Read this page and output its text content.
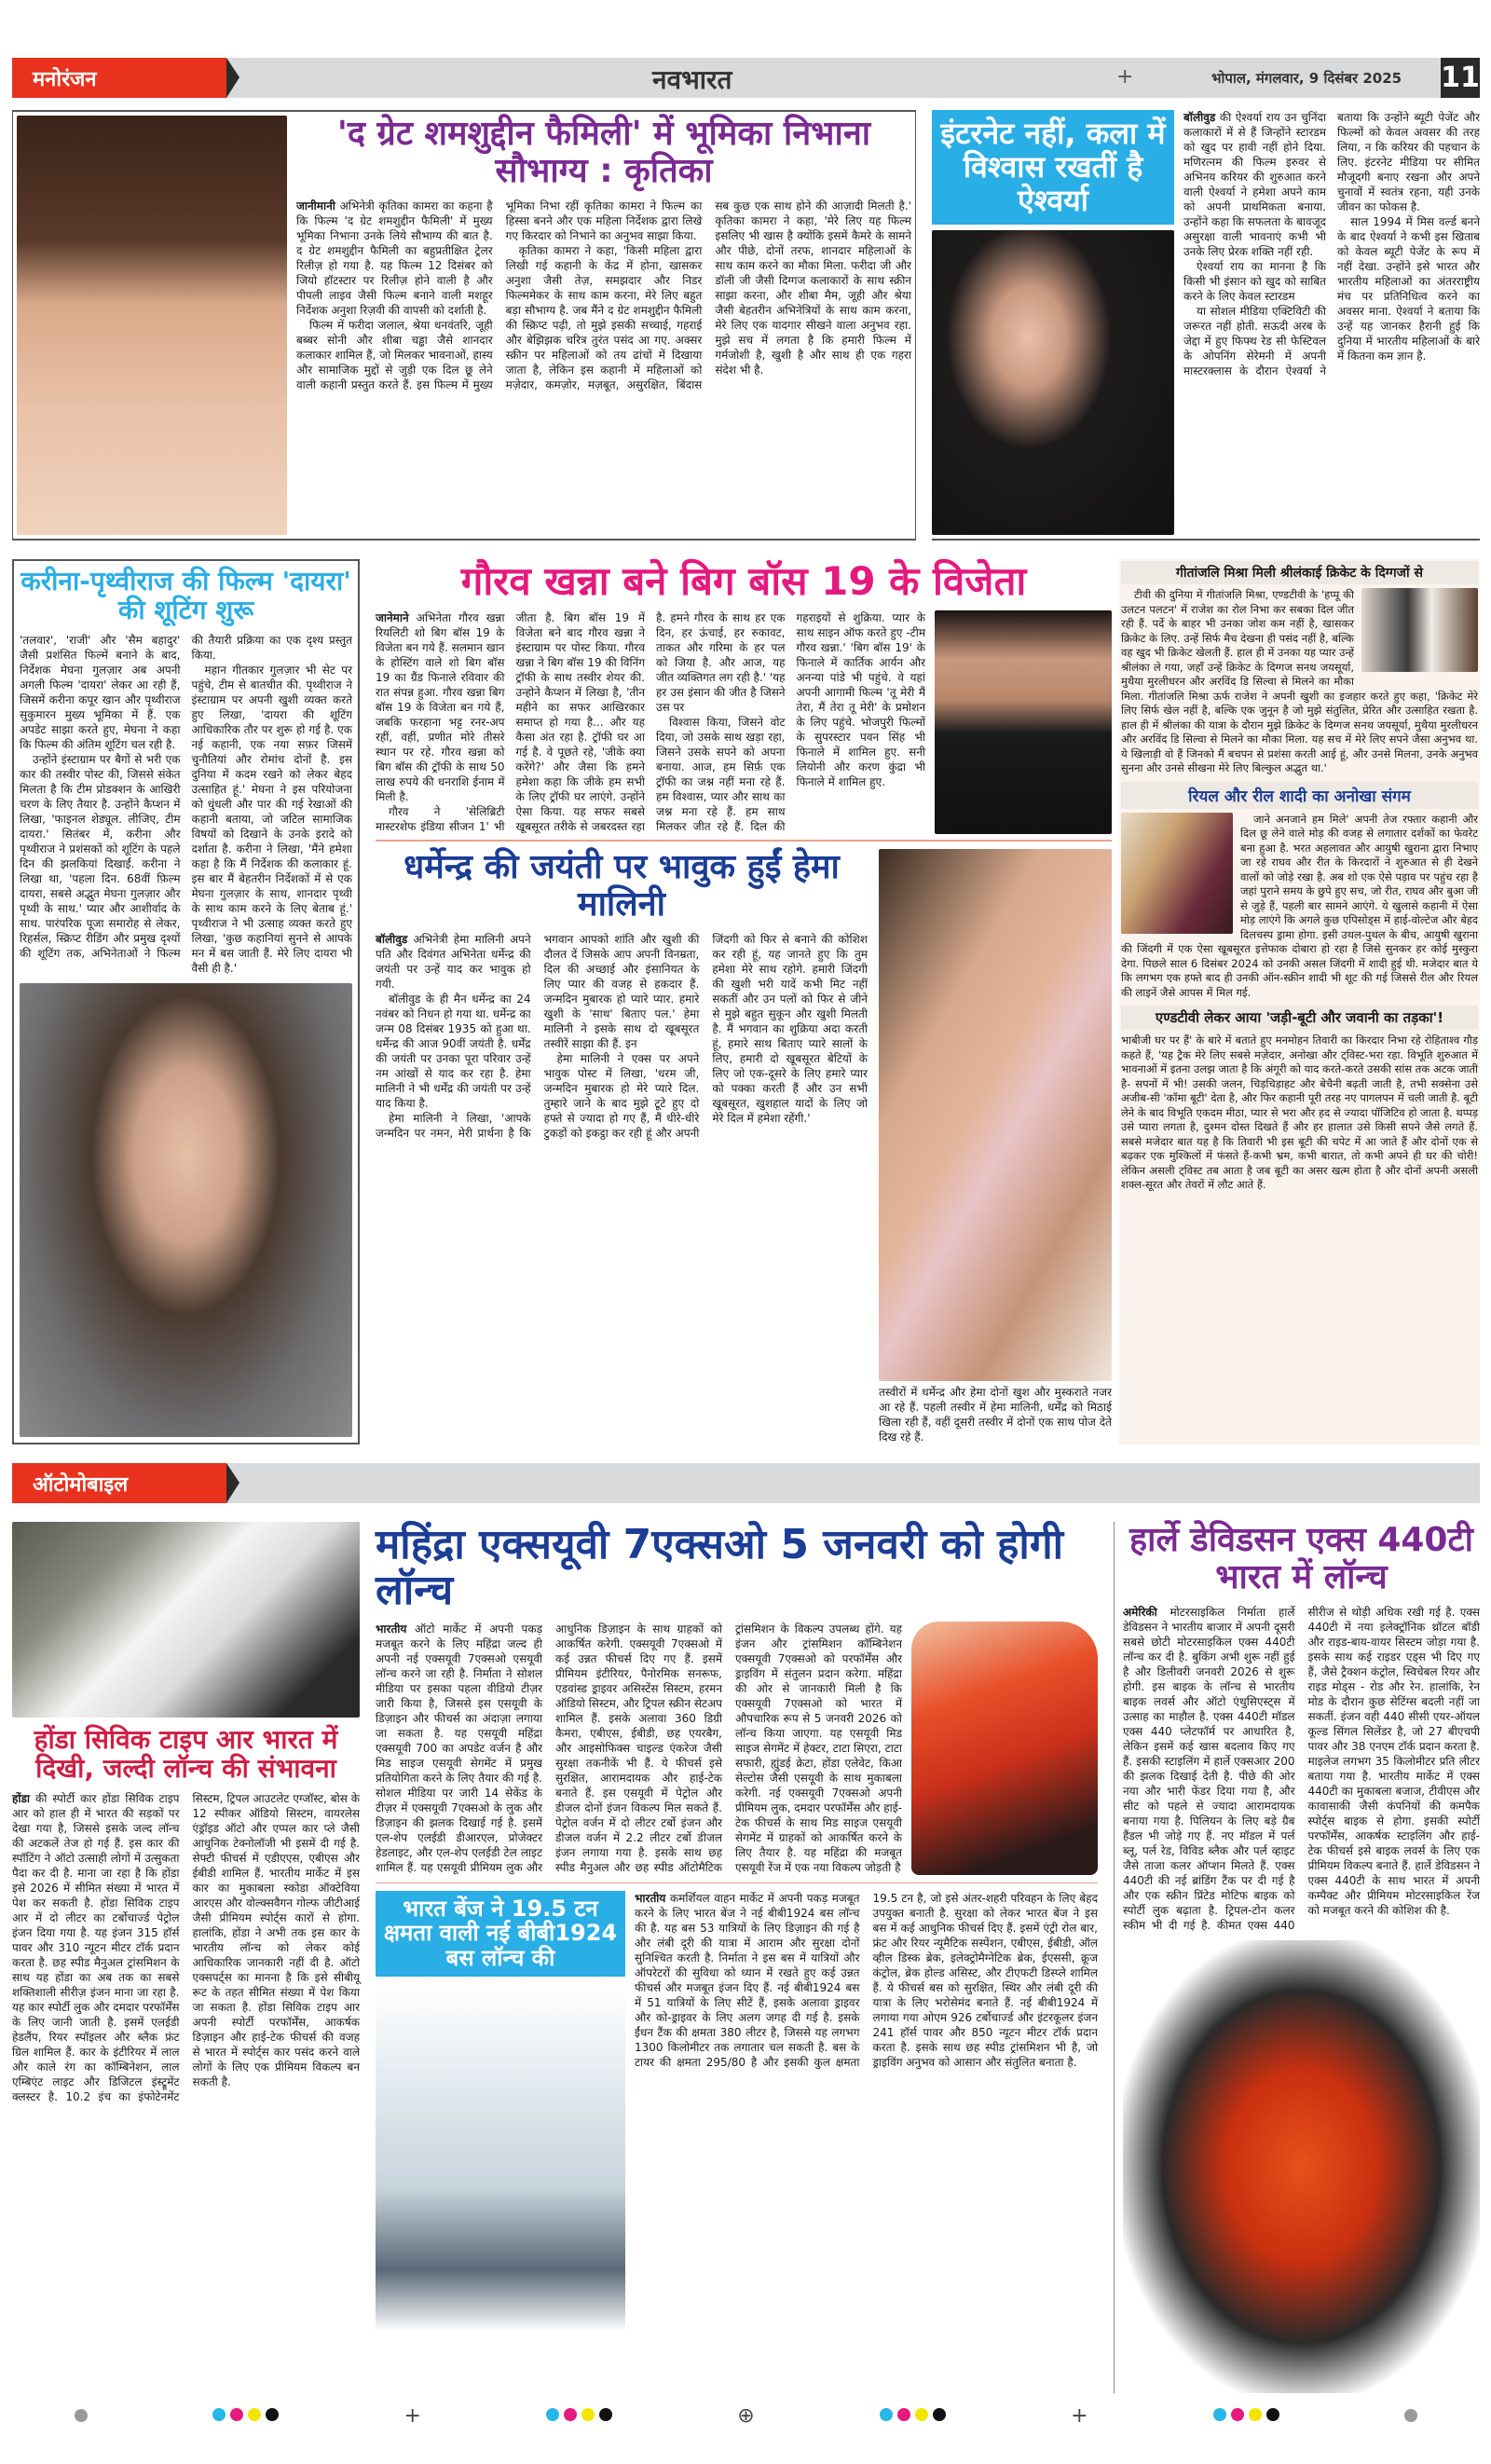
मनोरंजन	नवभारत	+	भोपाल, मंगलवार, 9 दिसंबर 2025 11
'द ग्रेट शमशुद्दीन फैमिली' में भूमिका निभाना सौभाग्य : कृतिका

जानीमानी अभिनेत्री कृतिका कामरा का कहना है कि फिल्म 'द ग्रेट शमशुद्दीन फैमिली' में मुख्य भूमिका निभाना उनके लिये सौभाग्य की बात है. द ग्रेट शमशुद्दीन फैमिली का बहुप्रतीक्षित ट्रेलर रिलीज़ हो गया है. यह फिल्म 12 दिसंबर को जियो हॉटस्टार पर रिलीज़ होने वाली है और पीपली लाइव जैसी फिल्म बनाने वाली मशहूर निर्देशक अनुशा रिज़वी की वापसी को दर्शाती है.

फिल्म में फरीदा जलाल, श्रेया धनवंतरि, जूही बब्बर सोनी और शीबा चड्ढा जैसे शानदार कलाकार शामिल हैं, जो मिलकर भावनाओं, हास्य और सामाजिक मुद्दों से जुड़ी एक दिल छू लेने वाली कहानी प्रस्तुत करते हैं. इस फिल्म में मुख्य भूमिका निभा रहीं कृतिका कामरा ने फिल्म का हिस्सा बनने और एक महिला निर्देशक द्वारा लिखे गए किरदार को निभाने का अनुभव साझा किया.

कृतिका कामरा ने कहा, 'किसी महिला द्वारा लिखी गई कहानी के केंद्र में होना, खासकर अनुशा जैसी तेज़, समझदार और निडर फिल्ममेकर के साथ काम करना, मेरे लिए बहुत बड़ा सौभाग्य है. जब मैंने द ग्रेट शमशुद्दीन फैमिली की स्क्रिप्ट पढ़ी, तो मुझे इसकी सच्चाई, गहराई और बेझिझक चरित्र तुरंत पसंद आ गए. अक्सर स्क्रीन पर महिलाओं को तय ढांचों में दिखाया जाता है, लेकिन इस कहानी में महिलाओं को मज़ेदार, कमज़ोर, मज़बूत, असुरक्षित, बिंदास सब कुछ एक साथ होने की आज़ादी मिलती है.' कृतिका कामरा ने कहा, 'मेरे लिए यह फिल्म इसलिए भी खास है क्योंकि इसमें कैमरे के सामने और पीछे, दोनों तरफ, शानदार महिलाओं के साथ काम करने का मौका मिला. फरीदा जी और डॉली जी जैसी दिग्गज कलाकारों के साथ स्क्रीन साझा करना, और शीबा मैम, जूही और श्रेया जैसी बेहतरीन अभिनेत्रियों के साथ काम करना, मेरे लिए एक यादगार सीखने वाला अनुभव रहा. मुझे सच में लगता है कि हमारी फिल्म में गर्मजोशी है, खुशी है और साथ ही एक गहरा संदेश भी है.

इंटरनेट नहीं, कला में विश्वास रखतीं है ऐश्वर्या

बॉलीवुड की ऐश्वर्या राय उन चुनिंदा कलाकारों में से हैं जिन्होंने स्टारडम को खुद पर हावी नहीं होने दिया. मणिरत्नम की फिल्म इरुवर से अभिनय करियर की शुरुआत करने वाली ऐश्वर्या ने हमेशा अपने काम को अपनी प्राथमिकता बनाया. उन्होंने कहा कि सफलता के बावजूद असुरक्षा वाली भावनाएं कभी भी उनके लिए प्रेरक शक्ति नहीं रही.

ऐश्वर्या राय का मानना है कि किसी भी इंसान को खुद को साबित करने के लिए केवल स्टारडम

या सोशल मीडिया एक्टिविटी की जरूरत नहीं होती. सऊदी अरब के जेद्दा में हुए फिफ्थ रेड सी फेस्टिवल के ओपनिंग सेरेमनी में अपनी मास्टरक्लास के दौरान ऐश्वर्या ने बताया कि उन्होंने ब्यूटी पेजेंट और फिल्मों को केवल अवसर की तरह लिया, न कि करियर की पहचान के लिए. इंटरनेट मीडिया पर सीमित मौजूदगी बनाए रखना और अपने चुनावों में स्वतंत्र रहना, यही उनके जीवन का फोकस है.

साल 1994 में मिस वर्ल्ड बनने के बाद ऐश्वर्या ने कभी इस खिताब को केवल ब्यूटी पेजेंट के रूप में नहीं देखा. उन्होंने इसे भारत और भारतीय महिलाओं का अंतरराष्ट्रीय मंच पर प्रतिनिधित्व करने का अवसर माना. ऐश्वर्या ने बताया कि उन्हें यह जानकर हैरानी हुई कि दुनिया में भारतीय महिलाओं के बारे में कितना कम ज्ञान है.

करीना-पृथ्वीराज की फिल्म 'दायरा' की शूटिंग शुरू

'तलवार', 'राजी' और 'सैम बहादुर' जैसी प्रशंसित फिल्में बनाने के बाद, निर्देशक मेघना गुलज़ार अब अपनी अगली फिल्म 'दायरा' लेकर आ रही हैं, जिसमें करीना कपूर खान और पृथ्वीराज सुकुमारन मुख्य भूमिका में हैं. एक अपडेट साझा करते हुए, मेघना ने कहा कि फिल्म की अंतिम शूटिंग चल रही है.

उन्होंने इंस्टाग्राम पर बैगों से भरी एक कार की तस्वीर पोस्ट की, जिससे संकेत मिलता है कि टीम प्रोडक्शन के आखिरी चरण के लिए तैयार है. उन्होंने कैप्शन में लिखा, 'फाइनल शेड्यूल. लीजिए, टीम दायरा.' सितंबर में, करीना और पृथ्वीराज ने प्रशंसकों को शूटिंग के पहले दिन की झलकियां दिखाईं. करीना ने लिखा था, 'पहला दिन. 68वीं फ़िल्म दायरा, सबसे अद्भुत मेघना गुलज़ार और पृथ्वी के साथ.' प्यार और आशीर्वाद के साथ. पारंपरिक पूजा समारोह से लेकर, रिहर्सल, स्क्रिप्ट रीडिंग और प्रमुख दृश्यों की शूटिंग तक, अभिनेताओं ने फिल्म की तैयारी प्रक्रिया का एक दृश्य प्रस्तुत किया.

महान गीतकार गुलज़ार भी सेट पर पहुंचे, टीम से बातचीत की. पृथ्वीराज ने इंस्टाग्राम पर अपनी खुशी व्यक्त करते हुए लिखा, 'दायरा की शूटिंग आधिकारिक तौर पर शुरू हो गई है. एक नई कहानी, एक नया सफ़र जिसमें चुनौतियां और रोमांच दोनों है. इस दुनिया में कदम रखने को लेकर बेहद उत्साहित हूं.' मेघना ने इस परियोजना को धुंधली और पार की गई रेखाओं की कहानी बताया, जो जटिल सामाजिक विषयों को दिखाने के उनके इरादे को दर्शाता है. करीना ने लिखा, 'मैंने हमेशा कहा है कि मैं निर्देशक की कलाकार हूं. इस बार मैं बेहतरीन निर्देशकों में से एक मेघना गुलज़ार के साथ, शानदार पृथ्वी के साथ काम करने के लिए बेताब हूं.' पृथ्वीराज ने भी उत्साह व्यक्त करते हुए लिखा, 'कुछ कहानियां सुनने से आपके मन में बस जाती हैं. मेरे लिए दायरा भी वैसी ही है.'

गौरव खन्ना बने बिग बॉस 19 के विजेता

जानेमाने अभिनेता गौरव खन्ना रियलिटी शो बिग बॉस 19 के विजेता बन गये हैं. सलमान खान के होस्टिंग वाले शो बिग बॉस 19 का ग्रैंड फिनाले रविवार की रात संपन्न हुआ. गौरव खन्ना बिग बॉस 19 के विजेता बन गये हैं, जबकि फरहाना भट्ट रनर-अप रहीं, वहीं, प्रणीत मोरे तीसरे स्थान पर रहे. गौरव खन्ना को बिग बॉस की ट्रॉफी के साथ 50 लाख रुपये की धनराशि ईनाम में मिली है.

गौरव ने 'सेलिब्रिटी मास्टरशेफ इंडिया सीजन 1' भी जीता है. बिग बॉस 19 में विजेता बने बाद गौरव खन्ना ने इंस्टाग्राम पर पोस्ट किया. गौरव खन्ना ने बिग बॉस 19 की विनिंग ट्रॉफी के साथ तस्वीर शेयर की. उन्होने कैप्शन में लिखा है, 'तीन महीने का सफर आखिरकार समाप्त हो गया है... और यह कैसा अंत रहा है. ट्रॉफी घर आ गई है. वे पूछते रहे, 'जीके क्या करेंगे?' और जैसा कि हमने हमेशा कहा कि जीके हम सभी के लिए ट्रॉफी घर लाएंगे. उन्होंने ऐसा किया. यह सफर सबसे खूबसूरत तरीके से जबरदस्त रहा है. हमने गौरव के साथ हर एक दिन, हर ऊंचाई, हर रुकावट, ताकत और गरिमा के हर पल को जिया है. और आज, यह जीत व्यक्तिगत लग रही है.' 'यह हर उस इंसान की जीत है जिसने उस पर

विश्वास किया, जिसने वोट दिया, जो उसके साथ खड़ा रहा, जिसने उसके सपने को अपना बनाया. आज, हम सिर्फ़ एक ट्रॉफी का जश्न नहीं मना रहे हैं. हम विश्वास, प्यार और साथ का जश्न मना रहे हैं. हम साथ मिलकर जीत रहे हैं. दिल की गहराइयों से शुक्रिया. प्यार के साथ साइन ऑफ करते हुए -टीम गौरव खन्ना.' 'बिग बॉस 19' के फिनाले में कार्तिक आर्यन और अनन्या पांडे भी पहुंचे. वे यहां अपनी आगामी फिल्म 'तू मेरी मैं तेरा, मैं तेरा तू मेरी' के प्रमोशन के लिए पहुंचे. भोजपुरी फिल्मों के सुपरस्टार पवन सिंह भी फिनाले में शामिल हुए. सनी लियोनी और करण कुंद्रा भी फिनाले में शामिल हुए.

धर्मेन्द्र की जयंती पर भावुक हुईं हेमा मालिनी

बॉलीवुड अभिनेत्री हेमा मालिनी अपने पति और दिवंगत अभिनेता धर्मेन्द्र की जयंती पर उन्हें याद कर भावुक हो गयी.

बॉलीवुड के ही मैन धर्मेन्द्र का 24 नवंबर को निधन हो गया था. धर्मेन्द्र का जन्म 08 दिसंबर 1935 को हुआ था. धर्मेन्द्र की आज 90वीं जयंती है. धर्मेंद्र की जयंती पर उनका पूरा परिवार उन्हें नम आंखों से याद कर रहा है. हेमा मालिनी ने भी धर्मेंद्र की जयंती पर उन्हें याद किया है.

हेमा मालिनी ने लिखा, 'आपके जन्मदिन पर नमन, मेरी प्रार्थना है कि भगवान आपको शांति और खुशी की दौलत दें जिसके आप अपनी विनम्रता, दिल की अच्छाई और इंसानियत के लिए प्यार की वजह से हकदार हैं. जन्मदिन मुबारक हो प्यारे प्यार. हमारे खुशी के 'साथ' बिताए पल.' हेमा मालिनी ने इसके साथ दो खूबसूरत तस्वीरें साझा की हैं. इन

हेमा मालिनी ने एक्स पर अपने भावुक पोस्ट में लिखा, 'धरम जी, जन्मदिन मुबारक हो मेरे प्यारे दिल. तुम्हारे जाने के बाद मुझे टूटे हुए दो हफ्ते से ज्यादा हो गए हैं, मैं धीरे-धीरे टुकड़ों को इकट्ठा कर रही हूं और अपनी जिंदगी को फिर से बनाने की कोशिश कर रही हूं, यह जानते हुए कि तुम हमेशा मेरे साथ रहोगे. हमारी जिंदगी की खुशी भरी यादें कभी मिट नहीं सकतीं और उन पलों को फिर से जीने से मुझे बहुत सुकून और खुशी मिलती है. मैं भगवान का शुक्रिया अदा करती हूं, हमारे साथ बिताए प्यारे सालों के लिए, हमारी दो खूबसूरत बेटियों के लिए जो एक-दूसरे के लिए हमारे प्यार को पक्का करती हैं और उन सभी खूबसूरत, खुशहाल यादों के लिए जो मेरे दिल में हमेशा रहेंगी.'

तस्वीरों में धर्मेन्द्र और हेमा दोनों खुश और मुस्कराते नजर आ रहे हैं. पहली तस्वीर में हेमा मालिनी, धर्मेंद्र को मिठाई खिला रही हैं, वहीं दूसरी तस्वीर में दोनों एक साथ पोज देते दिख रहे हैं.

गीतांजलि मिश्रा मिली श्रीलंकाई क्रिकेट के दिग्गजों से

टीवी की दुनिया में गीतांजलि मिश्रा, एण्डटीवी के 'हप्पू की उलटन पलटन' में राजेश का रोल निभा कर सबका दिल जीत रही हैं. पर्दे के बाहर भी उनका जोश कम नहीं है, खासकर क्रिकेट के लिए. उन्हें सिर्फ मैच देखना ही पसंद नहीं है, बल्कि वह खुद भी क्रिकेट खेलती हैं. हाल ही में उनका यह प्यार उन्हें श्रीलंका ले गया, जहाँ उन्हें क्रिकेट के दिग्गज सनथ जयसूर्या, मुथैया मुरलीधरन और अरविंद डि सिल्वा से मिलने का मौका मिला. गीतांजलि मिश्रा ऊर्फ राजेश ने अपनी खुशी का इजहार करते हुए कहा, 'क्रिकेट मेरे लिए सिर्फ खेल नहीं है, बल्कि एक जुनून है जो मुझे संतुलित, प्रेरित और उत्साहित रखता है. हाल ही में श्रीलंका की यात्रा के दौरान मुझे क्रिकेट के दिग्गज सनथ जयसूर्या, मुथैया मुरलीधरन और अरविंद डि सिल्वा से मिलने का मौका मिला. यह सच में मेरे लिए सपने जैसा अनुभव था. ये खिलाड़ी वो हैं जिनको मैं बचपन से प्रशंसा करती आई हूं, और उनसे मिलना, उनके अनुभव सुनना और उनसे सीखना मेरे लिए बिल्कुल अद्भुत था.'

रियल और रील शादी का अनोखा संगम

जाने अनजाने हम मिले' अपनी तेज रफ्तार कहानी और दिल छू लेने वाले मोड़ की वजह से लगातार दर्शकों का फेवरेट बना हुआ है. भरत अहलावत और आयुषी खुराना द्वारा निभाए जा रहे राघव और रीत के किरदारों ने शुरुआत से ही देखने वालों को जोड़े रखा है. अब शो एक ऐसे पड़ाव पर पहुंच रहा है जहां पुराने समय के छुपे हुए सच, जो रीत, राघव और बुआ जी से जुड़े हैं, पहली बार सामने आएंगे. ये खुलासे कहानी में ऐसा मोड़ लाएंगे कि अगले कुछ एपिसोड्स में हाई-वोल्टेज और बेहद दिलचस्प ड्रामा होगा. इसी उथल-पुथल के बीच, आयुषी खुराना की जिंदगी में एक ऐसा खूबसूरत इत्तेफाक दोबारा हो रहा है जिसे सुनकर हर कोई मुस्कुरा देगा. पिछले साल 6 दिसंबर 2024 को उनकी असल जिंदगी में शादी हुई थी. मजेदार बात ये कि लगभग एक हफ्ते बाद ही उनकी ऑन-स्क्रीन शादी भी शूट की गई जिससे रील और रियल की लाइनें जैसे आपस में मिल गई.

एण्डटीवी लेकर आया 'जड़ी-बूटी और जवानी का तड़का'!

भाबीजी घर पर हैं' के बारे में बताते हुए मनमोहन तिवारी का किरदार निभा रहे रोहिताश्व गौड़ कहते हैं, 'यह ट्रैक मेरे लिए सबसे मज़ेदार, अनोखा और ट्विस्ट-भरा रहा. विभूति शुरुआत में भावनाओं में इतना उलझ जाता है कि अंगूरी को याद करते-करते उसकी सांस तक अटक जाती है- सपनों में भी! उसकी जलन, चिड़चिड़ाहट और बेचैनी बढ़ती जाती है, तभी सक्सेना उसे अजीब-सी 'कॉमा बूटी' देता है, और फिर कहानी पूरी तरह नए पागलपन में चली जाती है. बूटी लेने के बाद विभूति एकदम मीठा, प्यार से भरा और हद से ज्यादा पॉजिटिव हो जाता है. थप्पड़ उसे प्यारा लगता है, दुश्मन दोस्त दिखते हैं और हर हालात उसे किसी सपने जैसे लगते हैं. सबसे मजेदार बात यह है कि तिवारी भी इस बूटी की चपेट में आ जाते हैं और दोनों एक से बढ़कर एक मुश्किलों में फंसते हैं-कभी भ्रम, कभी बारात, तो कभी अपने ही घर की चोरी! लेकिन असली ट्विस्ट तब आता है जब बूटी का असर खत्म होता है और दोनों अपनी असली शक्ल-सूरत और तेवरों में लौट आते हैं.

ऑटोमोबाइल
होंडा सिविक टाइप आर भारत में दिखी, जल्दी लॉन्च की संभावना

होंडा की स्पोर्टी कार होंडा सिविक टाइप आर को हाल ही में भारत की सड़कों पर देखा गया है, जिससे इसके जल्द लॉन्च की अटकलें तेज हो गई हैं. इस कार की स्पॉटिंग ने ऑटो उत्साही लोगों में उत्सुकता पैदा कर दी है. माना जा रहा है कि होंडा इसे 2026 में सीमित संख्या में भारत में पेश कर सकती है. होंडा सिविक टाइप आर में दो लीटर का टर्बोचार्ज्ड पेट्रोल इंजन दिया गया है. यह इंजन 315 हॉर्स पावर और 310 न्यूटन मीटर टॉर्क प्रदान करता है. छह स्पीड मैनुअल ट्रांसमिशन के साथ यह होंडा का अब तक का सबसे शक्तिशाली सीरीज़ इंजन माना जा रहा है. यह कार स्पोर्टी लुक और दमदार परफॉर्मेंस के लिए जानी जाती है. इसमें एलईडी हेडलैंप, रियर स्पॉइलर और ब्लैक फ्रंट ग्रिल शामिल हैं. कार के इंटीरियर में लाल और काले रंग का कॉम्बिनेशन, लाल एम्बिएंट लाइट और डिजिटल इंस्ट्रूमेंट क्लस्टर है. 10.2 इंच का इंफोटेनमेंट सिस्टम, ट्रिपल आउटलेट एग्जॉस्ट, बोस के 12 स्पीकर ऑडियो सिस्टम, वायरलेस एंड्रॉइड ऑटो और एप्पल कार प्ले जैसी आधुनिक टेक्नोलॉजी भी इसमें दी गई है. सेफ्टी फीचर्स में एडीएएस, एबीएस और ईबीडी शामिल हैं. भारतीय मार्केट में इस कार का मुकाबला स्कोडा ऑक्टेविया आरएस और वोल्क्सवैगन गोल्फ जीटीआई जैसी प्रीमियम स्पोर्ट्स कारों से होगा. हालांकि, होंडा ने अभी तक इस कार के भारतीय लॉन्च को लेकर कोई आधिकारिक जानकारी नहीं दी है. ऑटो एक्सपर्ट्स का मानना है कि इसे सीबीयू रूट के तहत सीमित संख्या में पेश किया जा सकता है. होंडा सिविक टाइप आर अपनी स्पोर्टी परफॉर्मेंस, आकर्षक डिज़ाइन और हाई-टेक फीचर्स की वजह से भारत में स्पोर्ट्स कार पसंद करने वाले लोगों के लिए एक प्रीमियम विकल्प बन सकती है.

महिंद्रा एक्सयूवी 7एक्सओ 5 जनवरी को होगी लॉन्च

भारतीय ऑटो मार्केट में अपनी पकड़ मजबूत करने के लिए महिंद्रा जल्द ही अपनी नई एक्सयूवी 7एक्सओ एसयूवी लॉन्च करने जा रही है. निर्माता ने सोशल मीडिया पर इसका पहला वीडियो टीज़र जारी किया है, जिससे इस एसयूवी के डिज़ाइन और फीचर्स का अंदाज़ा लगाया जा सकता है. यह एसयूवी महिंद्रा एक्सयूवी 700 का अपडेट वर्जन है और मिड साइज एसयूवी सेगमेंट में प्रमुख प्रतियोगिता करने के लिए तैयार की गई है. सोशल मीडिया पर जारी 14 सेकेंड के टीज़र में एक्सयूवी 7एक्सओ के लुक और डिज़ाइन की झलक दिखाई गई है. इसमें एल-शेप एलईडी डीआरएल, प्रोजेक्टर हेडलाइट, और एल-शेप एलईडी टेल लाइट शामिल हैं. यह एसयूवी प्रीमियम लुक और आधुनिक डिज़ाइन के साथ ग्राहकों को आकर्षित करेगी. एक्सयूवी 7एक्सओ में कई उन्नत फीचर्स दिए गए हैं. इसमें प्रीमियम इंटीरियर, पैनोरमिक सनरूफ, एडवांस्ड ड्राइवर असिस्टेंस सिस्टम, हरमन ऑडियो सिस्टम, और ट्रिपल स्क्रीन सेटअप शामिल हैं. इसके अलावा 360 डिग्री कैमरा, एबीएस, ईबीडी, छह एयरबैग, और आइसोफिक्स चाइल्ड एंकरेज जैसी सुरक्षा तकनीकें भी हैं. ये फीचर्स इसे सुरक्षित, आरामदायक और हाई-टेक बनाते हैं. इस एसयूवी में पेट्रोल और डीजल दोनों इंजन विकल्प मिल सकते हैं. पेट्रोल वर्जन में दो लीटर टर्बो इंजन और डीजल वर्जन में 2.2 लीटर टर्बो डीजल इंजन लगाया गया है. इसके साथ छह स्पीड मैनुअल और छह स्पीड ऑटोमैटिक ट्रांसमिशन के विकल्प उपलब्ध होंगे. यह इंजन और ट्रांसमिशन कॉम्बिनेशन एक्सयूवी 7एक्सओ को परफॉर्मेंस और ड्राइविंग में संतुलन प्रदान करेगा. महिंद्रा की ओर से जानकारी मिली है कि एक्सयूवी 7एक्सओ को भारत में औपचारिक रूप से 5 जनवरी 2026 को लॉन्च किया जाएगा. यह एसयूवी मिड साइज सेगमेंट में हेक्टर, टाटा सिएरा, टाटा सफारी, ह्युंडई क्रेटा, होंडा एलेवेट, किआ सेल्टोस जैसी एसयूवी के साथ मुकाबला करेगी. नई एक्सयूवी 7एक्सओ अपनी प्रीमियम लुक, दमदार परफॉर्मेंस और हाई-टेक फीचर्स के साथ मिड साइज एसयूवी सेगमेंट में ग्राहकों को आकर्षित करने के लिए तैयार है. यह महिंद्रा की मजबूत एसयूवी रेंज में एक नया विकल्प जोड़ती है

भारत बेंज ने 19.5 टन क्षमता वाली नई बीबी1924 बस लॉन्च की

भारतीय कमर्शियल वाहन मार्केट में अपनी पकड़ मजबूत करने के लिए भारत बेंज ने नई बीबी1924 बस लॉन्च की है. यह बस 53 यात्रियों के लिए डिज़ाइन की गई है और लंबी दूरी की यात्रा में आराम और सुरक्षा दोनों सुनिश्चित करती है. निर्माता ने इस बस में यात्रियों और ऑपरेटरों की सुविधा को ध्यान में रखते हुए कई उन्नत फीचर्स और मजबूत इंजन दिए हैं. नई बीबी1924 बस में 51 यात्रियों के लिए सीटें हैं, इसके अलावा ड्राइवर और को-ड्राइवर के लिए अलग जगह दी गई है. इसके ईंधन टैंक की क्षमता 380 लीटर है, जिससे यह लगभग 1300 किलोमीटर तक लगातार चल सकती है. बस के टायर की क्षमता 295/80 है और इसकी कुल क्षमता 19.5 टन है, जो इसे अंतर-शहरी परिवहन के लिए बेहद उपयुक्त बनाती है. सुरक्षा को लेकर भारत बेंज ने इस बस में कई आधुनिक फीचर्स दिए हैं. इसमें एंट्री रोल बार, फ्रंट और रियर न्यूमैटिक सस्पेंशन, एबीएस, ईबीडी, ऑल व्हील डिस्क ब्रेक, इलेक्ट्रोमैग्नेटिक ब्रेक, ईएससी, क्रूज कंट्रोल, ब्रेक होल्ड असिस्ट, और टीएफटी डिस्प्ले शामिल हैं. ये फीचर्स बस को सुरक्षित, स्थिर और लंबी दूरी की यात्रा के लिए भरोसेमंद बनाते हैं. नई बीबी1924 में लगाया गया ओएम 926 टर्बोचार्ज्ड और इंटरकूलर इंजन 241 हॉर्स पावर और 850 न्यूटन मीटर टॉर्क प्रदान करता है. इसके साथ छह स्पीड ट्रांसमिशन भी है, जो ड्राइविंग अनुभव को आसान और संतुलित बनाता है.

हार्ले डेविडसन एक्स 440टी भारत में लॉन्च

अमेरिकी मोटरसाइकिल निर्माता हार्ले डेविडसन ने भारतीय बाजार में अपनी दूसरी सबसे छोटी मोटरसाइकिल एक्स 440टी लॉन्च कर दी है. बुकिंग अभी शुरू नहीं हुई है और डिलीवरी जनवरी 2026 से शुरू होगी. इस बाइक के लॉन्च से भारतीय बाइक लवर्स और ऑटो एंथुसिएस्ट्स में उत्साह का माहौल है. एक्स 440टी मॉडल एक्स 440 प्लेटफॉर्म पर आधारित है, लेकिन इसमें कई खास बदलाव किए गए हैं. इसकी स्टाइलिंग में हार्ले एक्सआर 200 की झलक दिखाई देती है. पीछे की ओर नया और भारी फेंडर दिया गया है, और सीट को पहले से ज्यादा आरामदायक बनाया गया है. पिलियन के लिए बड़े ग्रैब हैंडल भी जोड़े गए हैं. नए मॉडल में पर्ल ब्लू, पर्ल रेड, विविड ब्लैक और पर्ल व्हाइट जैसे ताजा कलर ऑप्शन मिलते हैं. एक्स 440टी की नई ब्रांडिंग टैंक पर दी गई है और एक स्क्रीन प्रिंटेड मोटिफ बाइक को स्पोर्टी लुक बढ़ाता है. ट्रिपल-टोन कलर स्कीम भी दी गई है. कीमत एक्स 440 सीरीज से थोड़ी अधिक रखी गई है. एक्स 440टी में नया इलेक्ट्रॉनिक थ्रॉटल बॉडी और राइड-बाय-वायर सिस्टम जोड़ा गया है. इसके साथ कई राइडर एड्स भी दिए गए हैं, जैसे ट्रैक्शन कंट्रोल, स्विचेबल रियर और राइड मोड्स - रोड और रेन. हालांकि, रेन मोड के दौरान कुछ सेटिंग्स बदली नहीं जा सकतीं. इंजन वही 440 सीसी एयर-ऑयल कूल्ड सिंगल सिलेंडर है, जो 27 बीएचपी पावर और 38 एनएम टॉर्क प्रदान करता है. माइलेज लगभग 35 किलोमीटर प्रति लीटर बताया गया है. भारतीय मार्केट में एक्स 440टी का मुकाबला बजाज, टीवीएस और कावासाकी जैसी कंपनियों की कमपैक स्पोर्ट्स बाइक से होगा. इसकी स्पोर्टी परफॉर्मेंस, आकर्षक स्टाइलिंग और हाई-टेक फीचर्स इसे बाइक लवर्स के लिए एक प्रीमियम विकल्प बनाते हैं. हार्ले डेविडसन ने एक्स 440टी के साथ भारत में अपनी कम्पैक्ट और प्रीमियम मोटरसाइकिल रेंज को मजबूत करने की कोशिश की है.

+
	⊕
	+
